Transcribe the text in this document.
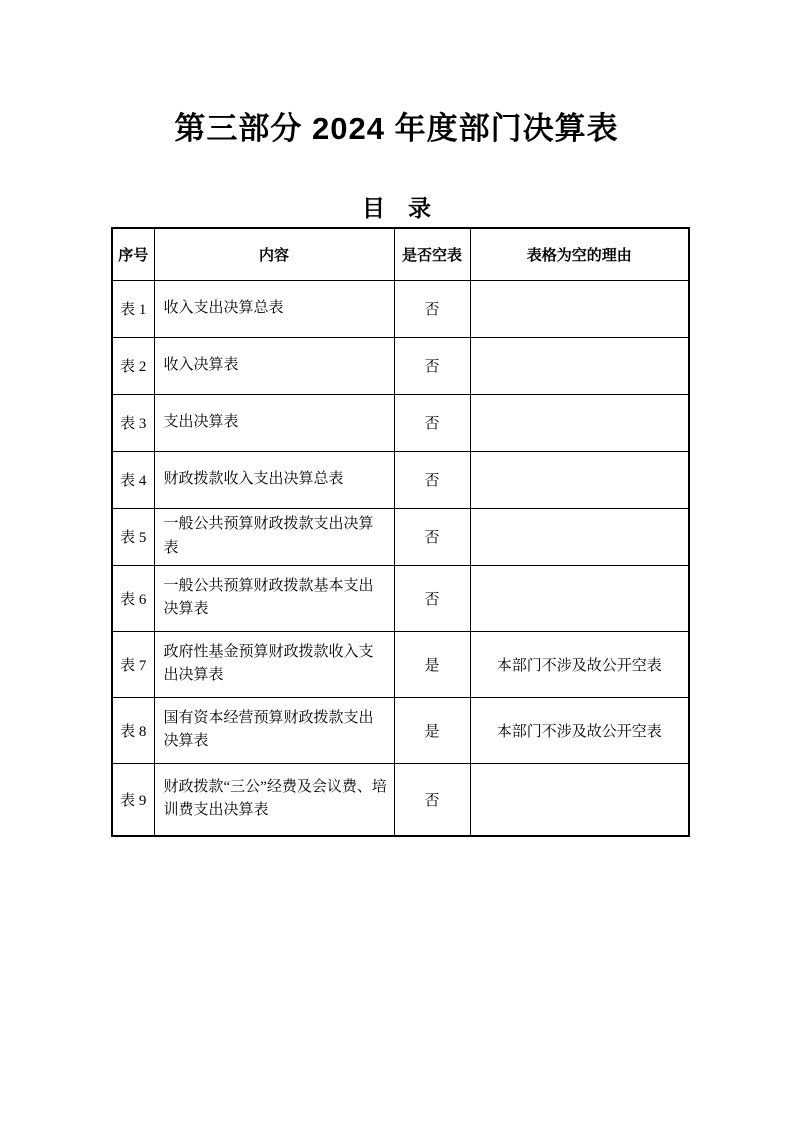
第三部分 2024 年度部门决算表
目　录
序号	内容	是否空表	表格为空的理由
表 1	收入支出决算总表	否	
表 2	收入决算表	否	
表 3	支出决算表	否	
表 4	财政拨款收入支出决算总表	否	
表 5	一般公共预算财政拨款支出决算表	否	
表 6	一般公共预算财政拨款基本支出决算表	否	
表 7	政府性基金预算财政拨款收入支出决算表	是	本部门不涉及故公开空表
表 8	国有资本经营预算财政拨款支出决算表	是	本部门不涉及故公开空表
表 9	财政拨款“三公”经费及会议费、培训费支出决算表	否	
